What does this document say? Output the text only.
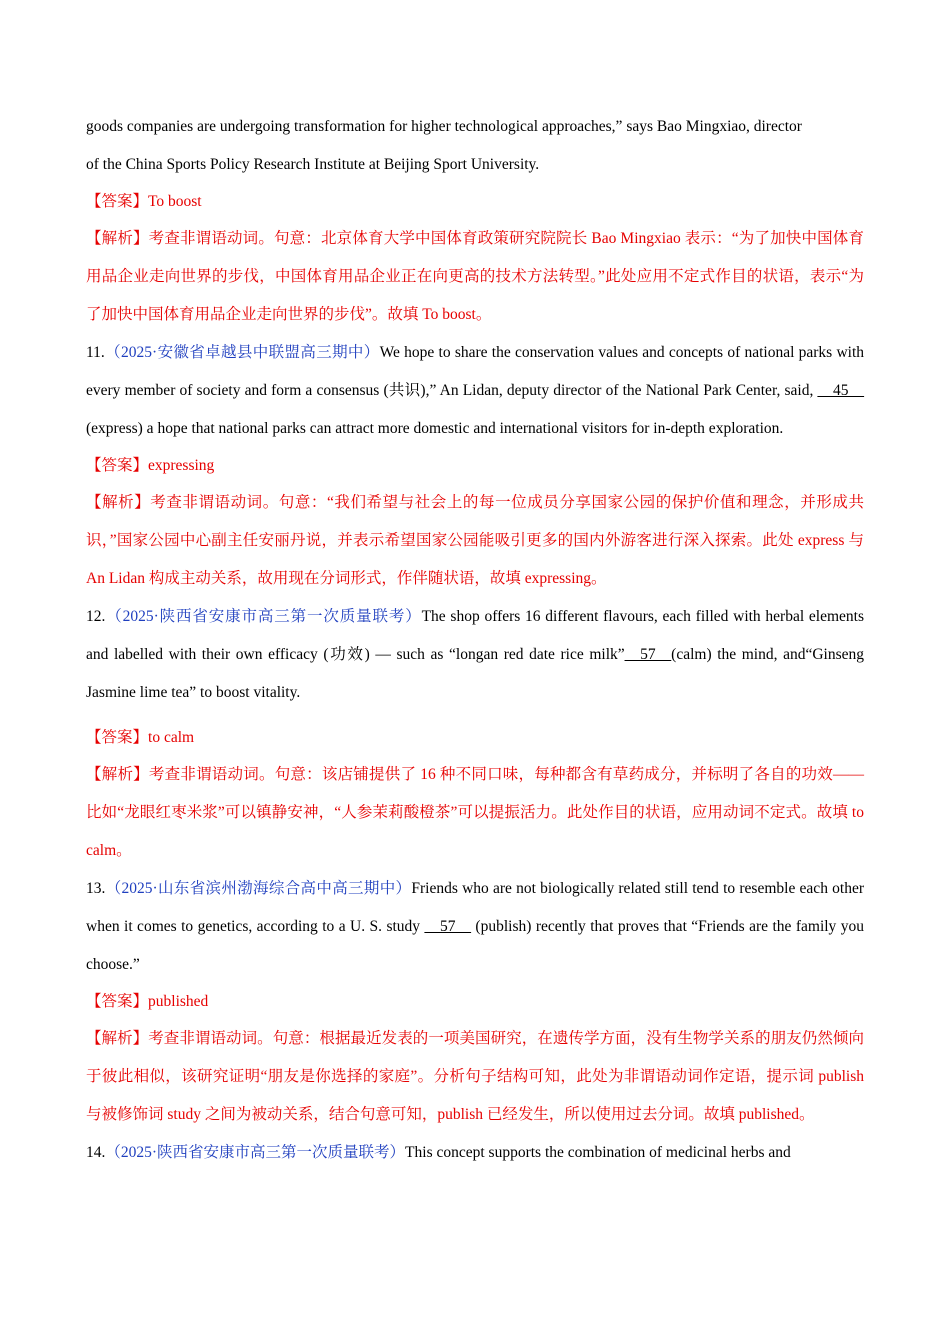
goods companies are undergoing transformation for higher technological approaches,” says Bao Mingxiao, director
of the China Sports Policy Research Institute at Beijing Sport University.

【答案】To boost

【解析】考查非谓语动词。句意：北京体育大学中国体育政策研究院院长 Bao Mingxiao 表示：“为了加快中国体育用品企业走向世界的步伐，中国体育用品企业正在向更高的技术方法转型。”此处应用不定式作目的状语，表示“为了加快中国体育用品企业走向世界的步伐”。故填 To boost。

11.（2025·安徽省卓越县中联盟高三期中）We hope to share the conservation values and concepts of national parks with every member of society and form a consensus (共识),” An Lidan, deputy director of the National Park Center, said, __45__ (express) a hope that national parks can attract more domestic and international visitors for in-depth exploration.

【答案】expressing

【解析】考查非谓语动词。句意：“我们希望与社会上的每一位成员分享国家公园的保护价值和理念，并形成共识，”国家公园中心副主任安丽丹说，并表示希望国家公园能吸引更多的国内外游客进行深入探索。此处 express 与 An Lidan 构成主动关系，故用现在分词形式，作伴随状语，故填 expressing。

12.（2025·陕西省安康市高三第一次质量联考）The shop offers 16 different flavours, each filled with herbal elements and labelled with their own efficacy (功效) — such as “longan red date rice milk”__57__(calm) the mind, and“Ginseng Jasmine lime tea” to boost vitality.

【答案】to calm

【解析】考查非谓语动词。句意：该店铺提供了 16 种不同口味，每种都含有草药成分，并标明了各自的功效——比如“龙眼红枣米浆”可以镇静安神，“人参茉莉酸橙茶”可以提振活力。此处作目的状语，应用动词不定式。故填 to calm。

13.（2025·山东省滨州渤海综合高中高三期中）Friends who are not biologically related still tend to resemble each other when it comes to genetics, according to a U. S. study __57__ (publish) recently that proves that “Friends are the family you choose.”

【答案】published

【解析】考查非谓语动词。句意：根据最近发表的一项美国研究，在遗传学方面，没有生物学关系的朋友仍然倾向于彼此相似，该研究证明“朋友是你选择的家庭”。分析句子结构可知，此处为非谓语动词作定语，提示词 publish 与被修饰词 study 之间为被动关系，结合句意可知，publish 已经发生，所以使用过去分词。故填 published。

14.（2025·陕西省安康市高三第一次质量联考）This concept supports the combination of medicinal herbs and
